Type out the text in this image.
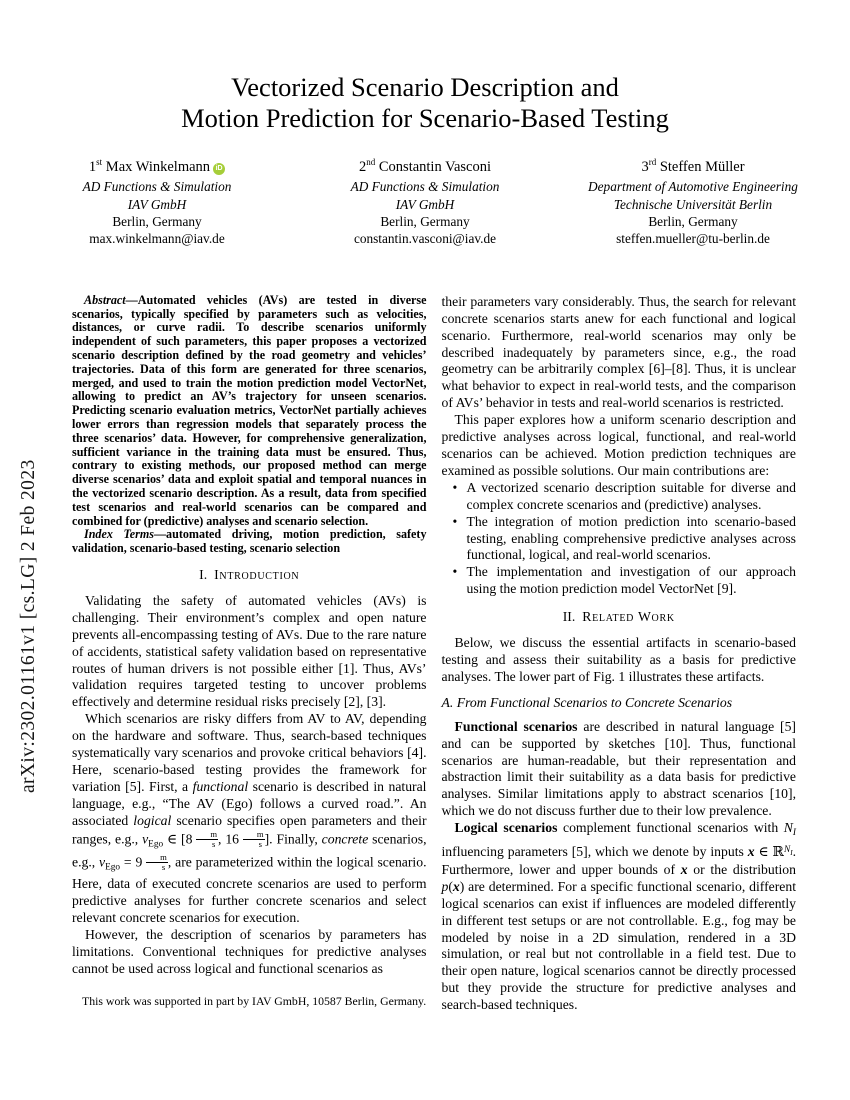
arXiv:2302.01161v1 [cs.LG] 2 Feb 2023
Vectorized Scenario Description and
Motion Prediction for Scenario-Based Testing
1st Max Winkelmann iD
AD Functions & Simulation
IAV GmbH
Berlin, Germany
max.winkelmann@iav.de
2nd Constantin Vasconi
AD Functions & Simulation
IAV GmbH
Berlin, Germany
constantin.vasconi@iav.de
3rd Steffen Müller
Department of Automotive Engineering
Technische Universität Berlin
Berlin, Germany
steffen.mueller@tu-berlin.de
Abstract—Automated vehicles (AVs) are tested in diverse scenarios, typically specified by parameters such as velocities, distances, or curve radii. To describe scenarios uniformly independent of such parameters, this paper proposes a vectorized scenario description defined by the road geometry and vehicles’ trajectories. Data of this form are generated for three scenarios, merged, and used to train the motion prediction model VectorNet, allowing to predict an AV’s trajectory for unseen scenarios. Predicting scenario evaluation metrics, VectorNet partially achieves lower errors than regression models that separately process the three scenarios’ data. However, for comprehensive generalization, sufficient variance in the training data must be ensured. Thus, contrary to existing methods, our proposed method can merge diverse scenarios’ data and exploit spatial and temporal nuances in the vectorized scenario description. As a result, data from specified test scenarios and real-world scenarios can be compared and combined for (predictive) analyses and scenario selection.
Index Terms—automated driving, motion prediction, safety validation, scenario-based testing, scenario selection
I. Introduction
Validating the safety of automated vehicles (AVs) is challenging. Their environment’s complex and open nature prevents all-encompassing testing of AVs. Due to the rare nature of accidents, statistical safety validation based on representative routes of human drivers is not possible either [1]. Thus, AVs’ validation requires targeted testing to uncover problems effectively and determine residual risks precisely [2], [3].
Which scenarios are risky differs from AV to AV, depending on the hardware and software. Thus, search-based techniques systematically vary scenarios and provoke critical behaviors [4]. Here, scenario-based testing provides the framework for variation [5]. First, a functional scenario is described in natural language, e.g., “The AV (Ego) follows a curved road.”. An associated logical scenario specifies open parameters and their ranges, e.g., $v_{Ego}$ ∈ [$8 \frac{m}{s}$ , $16 \frac{m}{s}$ ]. Finally, concrete scenarios, e.g., $v_{Ego} = 9 \frac{m}{s}$ , are parameterized within the logical scenario. Here, data of executed concrete scenarios are used to perform predictive analyses for further concrete scenarios and select relevant concrete scenarios for execution.
However, the description of scenarios by parameters has limitations. Conventional techniques for predictive analyses cannot be used across logical and functional scenarios as
This work was supported in part by IAV GmbH, 10587 Berlin, Germany.
their parameters vary considerably. Thus, the search for relevant concrete scenarios starts anew for each functional and logical scenario. Furthermore, real-world scenarios may only be described inadequately by parameters since, e.g., the road geometry can be arbitrarily complex [6]–[8]. Thus, it is unclear what behavior to expect in real-world tests, and the comparison of AVs’ behavior in tests and real-world scenarios is restricted.
This paper explores how a uniform scenario description and predictive analyses across logical, functional, and real-world scenarios can be achieved. Motion prediction techniques are examined as possible solutions. Our main contributions are:
• A vectorized scenario description suitable for diverse and complex concrete scenarios and (predictive) analyses.
• The integration of motion prediction into scenario-based testing, enabling comprehensive predictive analyses across functional, logical, and real-world scenarios.
• The implementation and investigation of our approach using the motion prediction model VectorNet [9].
II. Related Work
Below, we discuss the essential artifacts in scenario-based testing and assess their suitability as a basis for predictive analyses. The lower part of Fig. 1 illustrates these artifacts.
A. From Functional Scenarios to Concrete Scenarios
Functional scenarios are described in natural language [5] and can be supported by sketches [10]. Thus, functional scenarios are human-readable, but their representation and abstraction limit their suitability as a data basis for predictive analyses. Similar limitations apply to abstract scenarios [10], which we do not discuss further due to their low prevalence.
Logical scenarios complement functional scenarios with $N_I$ influencing parameters [5], which we denote by inputs x ∈ ℝ$^N$I. Furthermore, lower and upper bounds of x or the distribution p(x) are determined. For a specific functional scenario, different logical scenarios can exist if influences are modeled differently in different test setups or are not controllable. E.g., fog may be modeled by noise in a 2D simulation, rendered in a 3D simulation, or real but not controllable in a field test. Due to their open nature, logical scenarios cannot be directly processed but they provide the structure for predictive analyses and search-based techniques.
